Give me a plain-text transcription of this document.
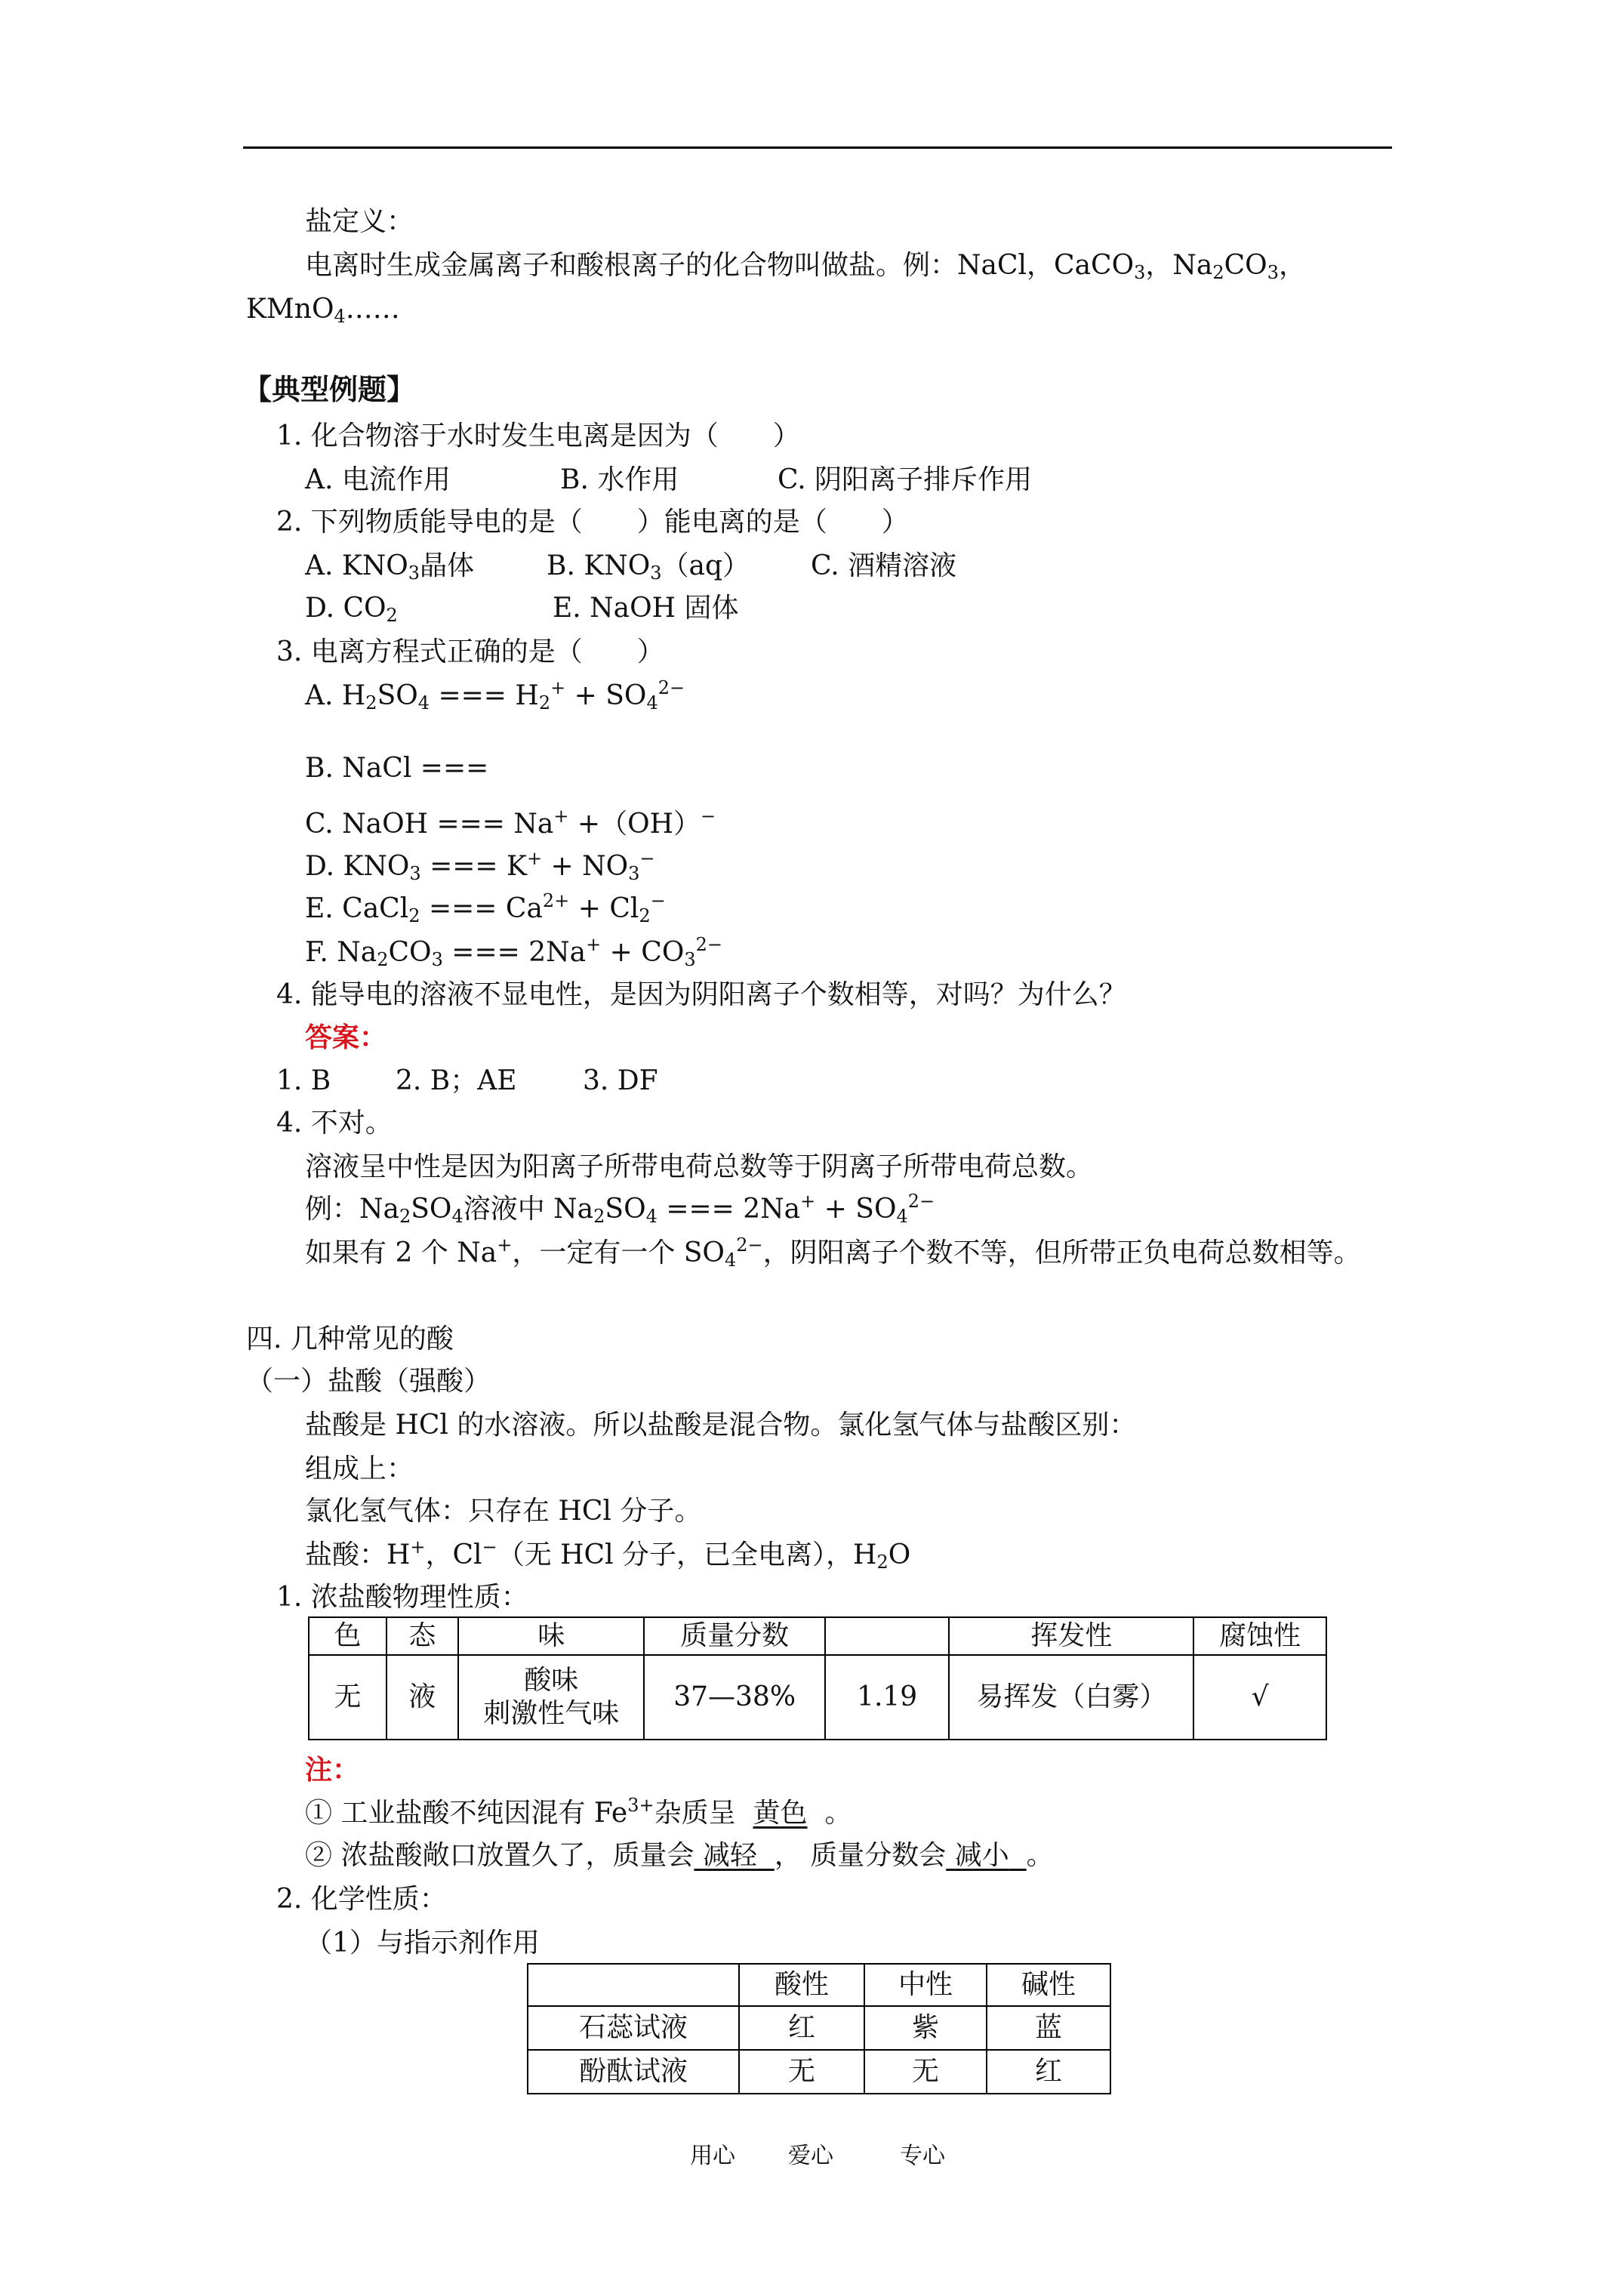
盐定义：
电离时生成金属离子和酸根离子的化合物叫做盐。例：NaCl，CaCO$_3$，$Na_2CO_3$，
KMnO$_4$……
【典型例题】
1. 化合物溶于水时发生电离是因为（　　）
A. 电流作用	B. 水作用	C. 阴阳离子排斥作用
2. 下列物质能导电的是（　　）能电离的是（　　）
A. $KNO_3$晶体	B. $KNO_3(aq)$ C. 酒精溶液
D. $CO_2$	E. NaOH 固体
3. 电离方程式正确的是（　　）
A. $H_2SO_4$ === $H_2^+ + SO_4^{2-}$
B. NaCl ===
C. NaOH === Na+ +（OH）−
D. $KNO_3$ === $K^+ + NO_3^-$
E. CaCl$_2$ === $Ca^{2+} + Cl_2^-$
F. $Na_2CO_3$ === $2Na^+ + CO_3^{2-}$
4. 能导电的溶液不显电性，是因为阴阳离子个数相等，对吗？为什么？
答案：
1. B 2. B；AE 3. DF
4. 不对。
溶液呈中性是因为阳离子所带电荷总数等于阴离子所带电荷总数。
例：$Na_2SO_4$溶液中 $Na_2SO_4$ === $2Na^+ + SO_4^{2-}$
如果有 2 个 Na+，一定有一个 $SO_4^{2-}$，阴阳离子个数不等，但所带正负电荷总数相等。
四. 几种常见的酸
（一）盐酸（强酸）
盐酸是 HCl 的水溶液。所以盐酸是混合物。氯化氢气体与盐酸区别：
组成上：
氯化氢气体：只存在 HCl 分子。
盐酸：H+，Cl−（无 HCl 分子，已全电离），$H_2O$
1. 浓盐酸物理性质：
色	态	味	质量分数		挥发性	腐蚀性
无	液	酸味
刺激性气味	37—38%	1.19	易挥发（白雾）	√
注：
① 工业盐酸不纯因混有 $Fe^{3+}$杂质呈 黄色 。
② 浓盐酸敞口放置久了，质量会 减轻 ， 质量分数会 减小 。
2. 化学性质：
（1）与指示剂作用
	酸性	中性	碱性
石蕊试液	红	紫	蓝
酚酞试液	无	无	红
用心 爱心	专心
